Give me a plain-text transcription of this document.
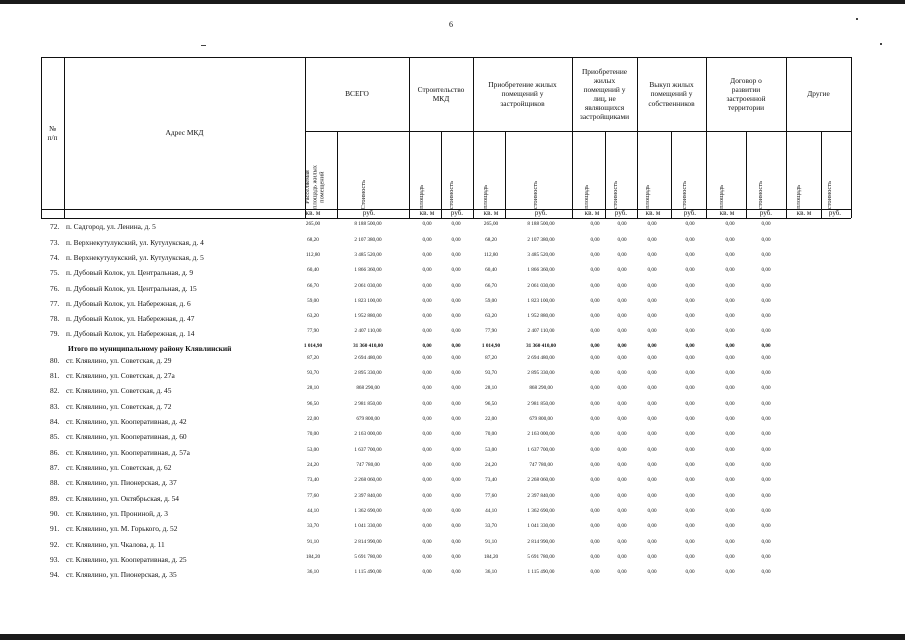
6
№
п/п
Адрес МКД
ВСЕГО
Строительство
МКД
Приобретение жилых
помещений у
застройщиков
Приобретение
жилых
помещений у
лиц, не
являющихся
застройщиками
Выкуп жилых
помещений у
собственников
Договор о
развитии
застроенной
территории
Другие
Расселяемая
площадь жилых
помещений	Стоимость	площадь	стоимость	площадь	стоимость	площадь	стоимость	площадь	стоимость	площадь	стоимость	площадь	стоимость
кв. м	руб.	кв. м	руб.	кв. м	руб.	кв. м	руб.	кв. м	руб.	кв. м	руб.	кв. м	руб.
72. п. Садгород, ул. Ленина, д. 5	265,00	8 188 500,00	0,00	0,00	265,00	8 188 500,00	0,00	0,00	0,00	0,00	0,00	0,00
73. п. Верхнекутулукский, ул. Кутулукская, д. 4	68,20	2 107 380,00	0,00	0,00	68,20	2 107 380,00	0,00	0,00	0,00	0,00	0,00	0,00
74. п. Верхнекутулукский, ул. Кутулукская, д. 5	112,80	3 485 520,00	0,00	0,00	112,80	3 485 520,00	0,00	0,00	0,00	0,00	0,00	0,00
75. п. Дубовый Колок, ул. Центральная, д. 9	60,40	1 866 360,00	0,00	0,00	60,40	1 866 360,00	0,00	0,00	0,00	0,00	0,00	0,00
76. п. Дубовый Колок, ул. Центральная, д. 15	66,70	2 061 030,00	0,00	0,00	66,70	2 061 030,00	0,00	0,00	0,00	0,00	0,00	0,00
77. п. Дубовый Колок, ул. Набережная, д. 6	59,00	1 823 100,00	0,00	0,00	59,00	1 823 100,00	0,00	0,00	0,00	0,00	0,00	0,00
78. п. Дубовый Колок, ул. Набережная, д. 47	63,20	1 952 880,00	0,00	0,00	63,20	1 952 880,00	0,00	0,00	0,00	0,00	0,00	0,00
79. п. Дубовый Колок, ул. Набережная, д. 14	77,90	2 407 110,00	0,00	0,00	77,90	2 407 110,00	0,00	0,00	0,00	0,00	0,00	0,00
Итого по муниципальному району Клявлинский	1 014,90	31 360 410,00	0,00	0,00	1 014,90	31 360 410,00	0,00	0,00	0,00	0,00	0,00	0,00
80. ст. Клявлино, ул. Советская, д. 29	87,20	2 694 480,00	0,00	0,00	87,20	2 694 480,00	0,00	0,00	0,00	0,00	0,00	0,00
81. ст. Клявлино, ул. Советская, д. 27а	93,70	2 895 330,00	0,00	0,00	93,70	2 895 330,00	0,00	0,00	0,00	0,00	0,00	0,00
82. ст. Клявлино, ул. Советская, д. 45	28,10	868 290,00	0,00	0,00	28,10	868 290,00	0,00	0,00	0,00	0,00	0,00	0,00
83. ст. Клявлино, ул. Советская, д. 72	96,50	2 981 850,00	0,00	0,00	96,50	2 981 850,00	0,00	0,00	0,00	0,00	0,00	0,00
84. ст. Клявлино, ул. Кооперативная, д. 42	22,00	679 800,00	0,00	0,00	22,00	679 800,00	0,00	0,00	0,00	0,00	0,00	0,00
85. ст. Клявлино, ул. Кооперативная, д. 60	70,00	2 163 000,00	0,00	0,00	70,00	2 163 000,00	0,00	0,00	0,00	0,00	0,00	0,00
86. ст. Клявлино, ул. Кооперативная, д. 57а	53,00	1 637 700,00	0,00	0,00	53,00	1 637 700,00	0,00	0,00	0,00	0,00	0,00	0,00
87. ст. Клявлино, ул. Советская, д. 62	24,20	747 780,00	0,00	0,00	24,20	747 780,00	0,00	0,00	0,00	0,00	0,00	0,00
88. ст. Клявлино, ул. Пионерская, д. 37	73,40	2 268 060,00	0,00	0,00	73,40	2 268 060,00	0,00	0,00	0,00	0,00	0,00	0,00
89. ст. Клявлино, ул. Октябрьская, д. 54	77,60	2 397 840,00	0,00	0,00	77,60	2 397 840,00	0,00	0,00	0,00	0,00	0,00	0,00
90. ст. Клявлино, ул. Прониной, д. 3	44,10	1 362 690,00	0,00	0,00	44,10	1 362 690,00	0,00	0,00	0,00	0,00	0,00	0,00
91. ст. Клявлино, ул. М. Горького, д. 52	33,70	1 041 330,00	0,00	0,00	33,70	1 041 330,00	0,00	0,00	0,00	0,00	0,00	0,00
92. ст. Клявлино, ул. Чкалова, д. 11	91,10	2 814 990,00	0,00	0,00	91,10	2 814 990,00	0,00	0,00	0,00	0,00	0,00	0,00
93. ст. Клявлино, ул. Кооперативная, д. 25	184,20	5 691 780,00	0,00	0,00	184,20	5 691 780,00	0,00	0,00	0,00	0,00	0,00	0,00
94. ст. Клявлино, ул. Пионерская, д. 35	36,10	1 115 490,00	0,00	0,00	36,10	1 115 490,00	0,00	0,00	0,00	0,00	0,00	0,00
